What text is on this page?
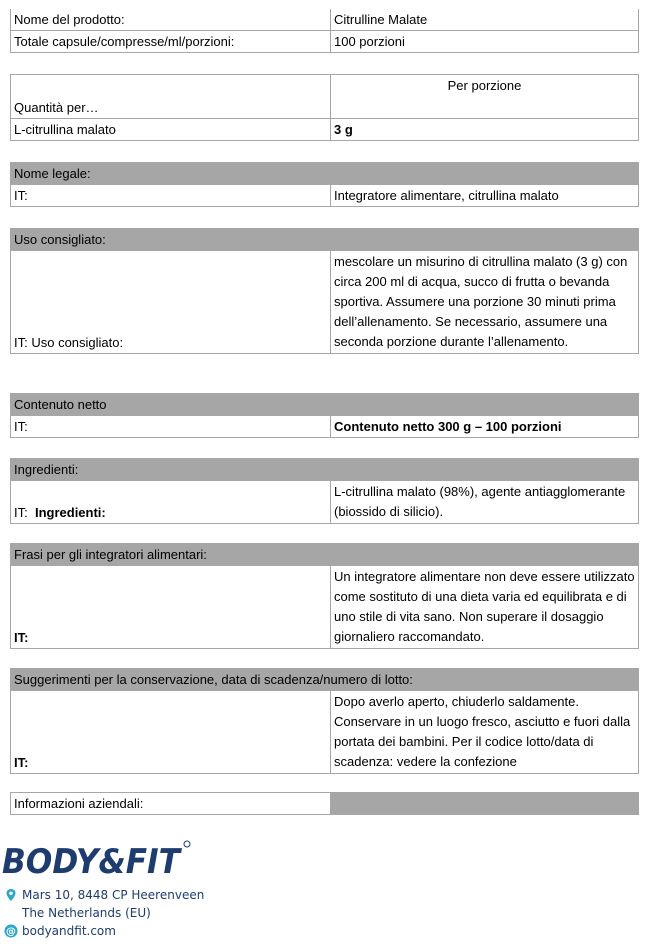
Nome del prodotto:	Citrulline Malate
Totale capsule/compresse/ml/porzioni:	100 porzioni
Quantità per…	Per porzione
L-citrullina malato	3 g
Nome legale:
IT:	Integratore alimentare, citrullina malato
Uso consigliato:
IT: Uso consigliato:	mescolare un misurino di citrullina malato (3 g) con circa 200 ml di acqua, succo di frutta o bevanda sportiva. Assumere una porzione 30 minuti prima dell’allenamento. Se necessario, assumere una seconda porzione durante l’allenamento.
Contenuto netto
IT:	Contenuto netto 300 g – 100 porzioni
Ingredienti:
IT: Ingredienti:	L-citrullina malato (98%), agente antiagglomerante (biossido di silicio).
Frasi per gli integratori alimentari:
IT:	Un integratore alimentare non deve essere utilizzato come sostituto di una dieta varia ed equilibrata e di uno stile di vita sano. Non superare il dosaggio giornaliero raccomandato.
Suggerimenti per la conservazione, data di scadenza/numero di lotto:
IT:	Dopo averlo aperto, chiuderlo saldamente. Conservare in un luogo fresco, asciutto e fuori dalla portata dei bambini. Per il codice lotto/data di scadenza: vedere la confezione
Informazioni aziendali:	
BODY&FIT
Mars 10, 8448 CP Heerenveen
The Netherlands (EU)
@ bodyandfit.com
